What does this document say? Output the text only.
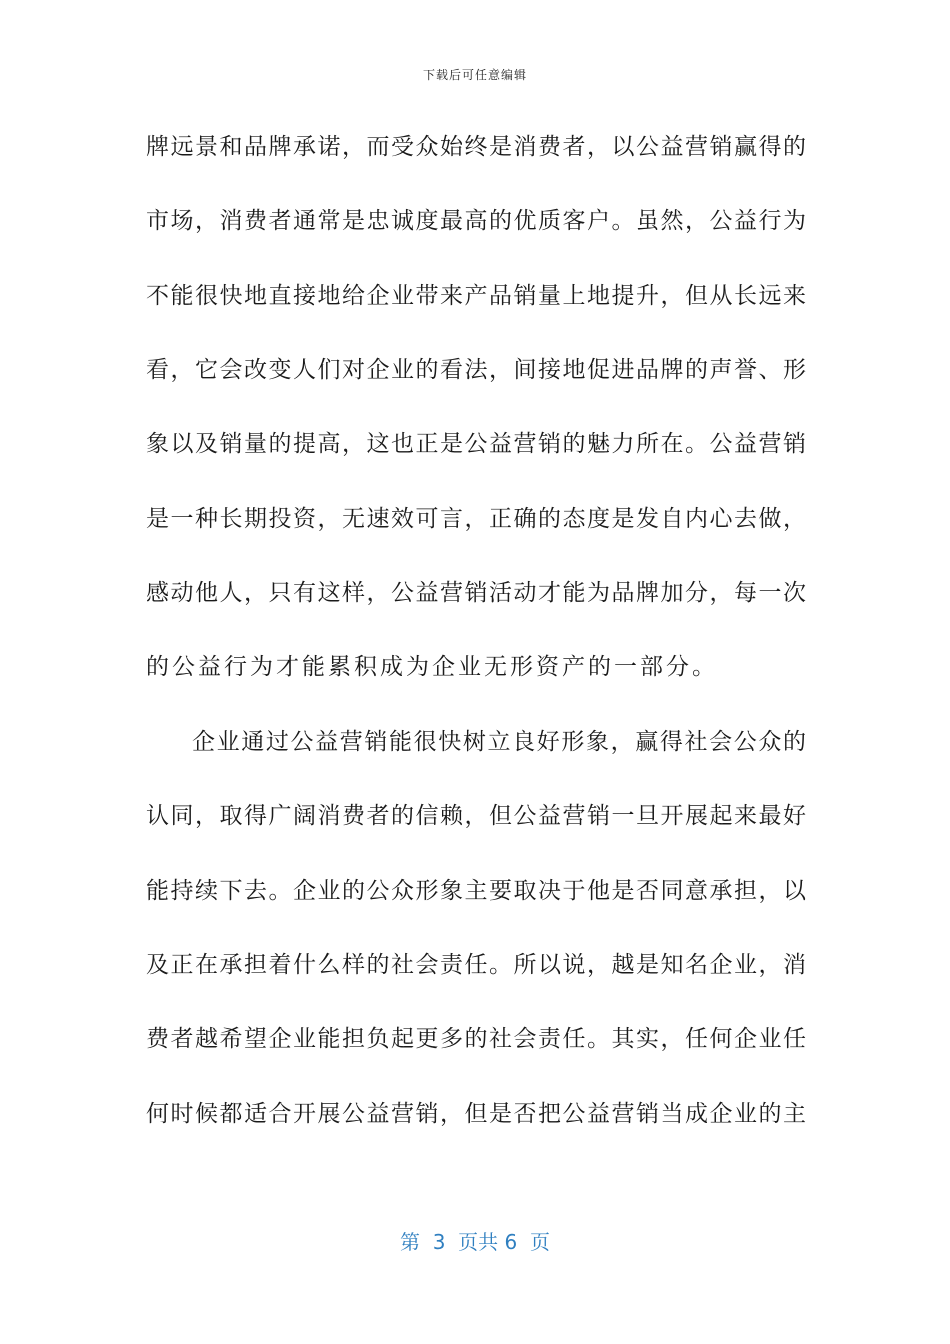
下载后可任意编辑
牌远景和品牌承诺，而受众始终是消费者，以公益营销赢得的
市场，消费者通常是忠诚度最高的优质客户。虽然，公益行为
不能很快地直接地给企业带来产品销量上地提升，但从长远来
看，它会改变人们对企业的看法，间接地促进品牌的声誉、形
象以及销量的提高，这也正是公益营销的魅力所在。公益营销
是一种长期投资，无速效可言，正确的态度是发自内心去做，
感动他人，只有这样，公益营销活动才能为品牌加分，每一次
的公益行为才能累积成为企业无形资产的一部分。
企业通过公益营销能很快树立良好形象，赢得社会公众的
认同，取得广阔消费者的信赖，但公益营销一旦开展起来最好
能持续下去。企业的公众形象主要取决于他是否同意承担，以
及正在承担着什么样的社会责任。所以说，越是知名企业，消
费者越希望企业能担负起更多的社会责任。其实，任何企业任
何时候都适合开展公益营销，但是否把公益营销当成企业的主
第  3  页共 6  页
